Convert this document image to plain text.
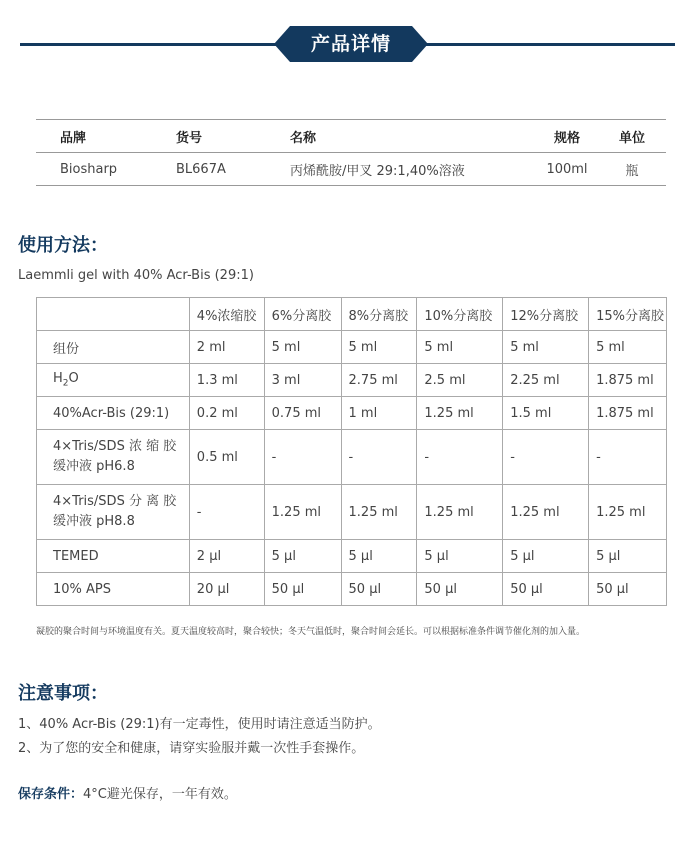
产品详情
品牌	货号	名称	规格	单位
Biosharp	BL667A	丙烯酰胺/甲叉 29:1,40%溶液	100ml	瓶
使用方法：
Laemmli gel with 40% Acr-Bis (29:1)
	4%浓缩胶	6%分离胶	8%分离胶	10%分离胶	12%分离胶	15%分离胶
组份	2 ml	5 ml	5 ml	5 ml	5 ml	5 ml
$H_2O$	1.3 ml	3 ml	2.75 ml	2.5 ml	2.25 ml	1.875 ml
40%Acr-Bis (29:1)	0.2 ml	0.75 ml	1 ml	1.25 ml	1.5 ml	1.875 ml
4×Tris/SDS 浓 缩 胶
缓冲液 pH6.8	0.5 ml	-	-	-	-	-
4×Tris/SDS 分 离 胶
缓冲液 pH8.8	-	1.25 ml	1.25 ml	1.25 ml	1.25 ml	1.25 ml
TEMED	2 µl	5 µl	5 µl	5 µl	5 µl	5 µl
10% APS	20 µl	50 µl	50 µl	50 µl	50 µl	50 µl
凝胶的聚合时间与环境温度有关。夏天温度较高时，聚合较快；冬天气温低时，聚合时间会延长。可以根据标准条件调节催化剂的加入量。
注意事项：
1、40% Acr-Bis (29:1)有一定毒性，使用时请注意适当防护。
2、为了您的安全和健康，请穿实验服并戴一次性手套操作。
保存条件：4°C避光保存，一年有效。
